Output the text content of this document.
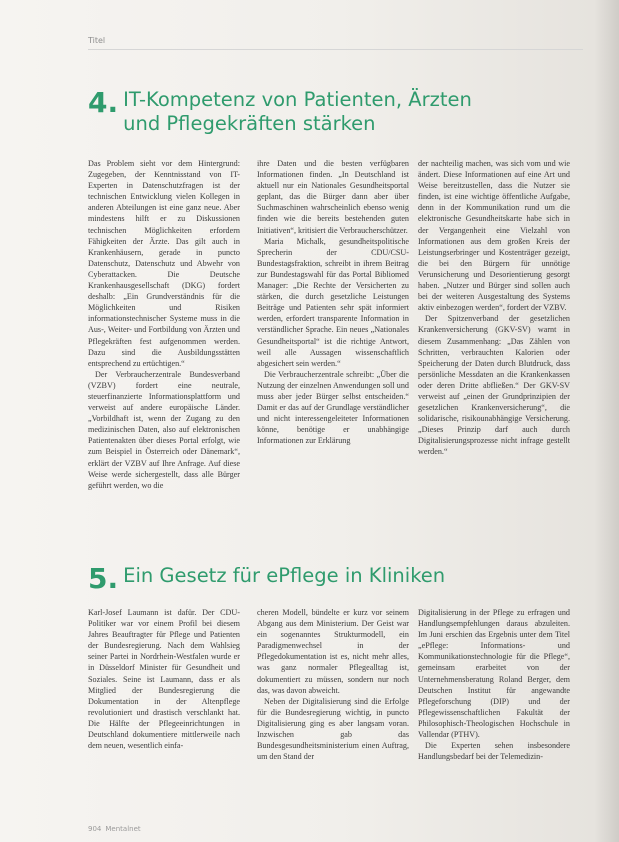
Titel
4. IT-Kompetenz von Patienten, Ärzten und Pflegekräften stärken

Das Problem sieht vor dem Hintergrund: Zugegeben, der Kenntnisstand von IT-Experten in Datenschutzfragen ist der technischen Entwicklung vielen Kollegen in anderen Abteilungen ist eine ganz neue. Aber mindestens hilft er zu Diskussionen technischen Möglichkeiten erfordern Fähigkeiten der Ärzte. Das gilt auch in Krankenhäusern, gerade in puncto Datenschutz, Datenschutz und Abwehr von Cyberattacken. Die Deutsche Krankenhausgesellschaft (DKG) fordert deshalb: „Ein Grundverständnis für die Möglichkeiten und Risiken informationstechnischer Systeme muss in die Aus-, Weiter- und Fortbildung von Ärzten und Pflegekräften fest aufgenommen werden. Dazu sind die Ausbildungsstätten entsprechend zu ertüchtigen.“

Der Verbraucherzentrale Bundesverband (VZBV) fordert eine neutrale, steuerfinanzierte Informationsplattform und verweist auf andere europäische Länder. „Vorbildhaft ist, wenn der Zugang zu den medizinischen Daten, also auf elektronischen Patientenakten über dieses Portal erfolgt, wie zum Beispiel in Österreich oder Dänemark“, erklärt der VZBV auf Ihre Anfrage. Auf diese Weise werde sichergestellt, dass alle Bürger geführt werden, wo die

ihre Daten und die besten verfügbaren Informationen finden. „In Deutschland ist aktuell nur ein Nationales Gesundheitsportal geplant, das die Bürger dann aber über Suchmaschinen wahrscheinlich ebenso wenig finden wie die bereits bestehenden guten Initiativen“, kritisiert die Verbraucherschützer.

Maria Michalk, gesundheitspolitische Sprecherin der CDU/CSU-Bundestagsfraktion, schreibt in ihrem Beitrag zur Bundestagswahl für das Portal Bibliomed Manager: „Die Rechte der Versicherten zu stärken, die durch gesetzliche Leistungen Beiträge und Patienten sehr spät informiert werden, erfordert transparente Information in verständlicher Sprache. Ein neues „Nationales Gesundheitsportal“ ist die richtige Antwort, weil alle Aussagen wissenschaftlich abgesichert sein werden.“

Die Verbraucherzentrale schreibt: „Über die Nutzung der einzelnen Anwendungen soll und muss aber jeder Bürger selbst entscheiden.“ Damit er das auf der Grundlage verständlicher und nicht interessengeleiteter Informationen könne, benötige er unabhängige Informationen zur Erklärung

der nachteilig machen, was sich vom und wie ändert. Diese Informationen auf eine Art und Weise bereitzustellen, dass die Nutzer sie finden, ist eine wichtige öffentliche Aufgabe, denn in der Kommunikation rund um die elektronische Gesundheitskarte habe sich in der Vergangenheit eine Vielzahl von Informationen aus dem großen Kreis der Leistungserbringer und Kostenträger gezeigt, die bei den Bürgern für unnötige Verunsicherung und Desorientierung gesorgt haben. „Nutzer und Bürger sind sollen auch bei der weiteren Ausgestaltung des Systems aktiv einbezogen werden“, fordert der VZBV.

Der Spitzenverband der gesetzlichen Krankenversicherung (GKV-SV) warnt in diesem Zusammenhang: „Das Zählen von Schritten, verbrauchten Kalorien oder Speicherung der Daten durch Blutdruck, dass persönliche Messdaten an die Krankenkassen oder deren Dritte abfließen.“ Der GKV-SV verweist auf „einen der Grundprinzipien der gesetzlichen Krankenversicherung“, die solidarische, risikounabhängige Versicherung. „Dieses Prinzip darf auch durch Digitalisierungsprozesse nicht infrage gestellt werden.“

5. Ein Gesetz für ePflege in Kliniken

Karl-Josef Laumann ist dafür. Der CDU-Politiker war vor einem Profil bei diesem Jahres Beauftragter für Pflege und Patienten der Bundesregierung. Nach dem Wahlsieg seiner Partei in Nordrhein-Westfalen wurde er in Düsseldorf Minister für Gesundheit und Soziales. Seine ist Laumann, dass er als Mitglied der Bundesregierung die Dokumentation in der Altenpflege revolutioniert und drastisch verschlankt hat. Die Hälfte der Pflegeeinrichtungen in Deutschland dokumentiere mittlerweile nach dem neuen, wesentlich einfa-

cheren Modell, bündelte er kurz vor seinem Abgang aus dem Ministerium. Der Geist war ein sogenanntes Strukturmodell, ein Paradigmenwechsel in der Pflegedokumentation ist es, nicht mehr alles, was ganz normaler Pflegealltag ist, dokumentiert zu müssen, sondern nur noch das, was davon abweicht.

Neben der Digitalisierung sind die Erfolge für die Bundesregierung wichtig, in puncto Digitalisierung ging es aber langsam voran. Inzwischen gab das Bundesgesundheitsministerium einen Auftrag, um den Stand der

Digitalisierung in der Pflege zu erfragen und Handlungsempfehlungen daraus abzuleiten. Im Juni erschien das Ergebnis unter dem Titel „ePflege: Informations- und Kommunikationstechnologie für die Pflege“, gemeinsam erarbeitet von der Unternehmensberatung Roland Berger, dem Deutschen Institut für angewandte Pflegeforschung (DIP) und der Pflegewissenschaftlichen Fakultät der Philosophisch-Theologischen Hochschule in Vallendar (PTHV).

Die Experten sehen insbesondere Handlungsbedarf bei der Telemedizin-

904 Mentalnet
